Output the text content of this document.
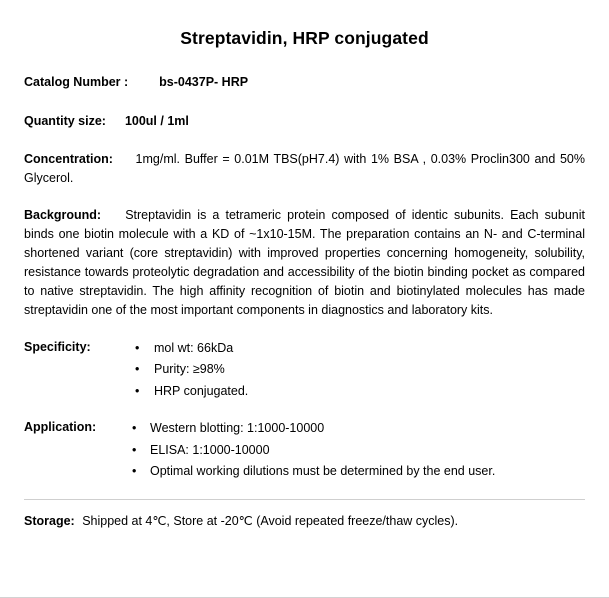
Streptavidin, HRP conjugated
Catalog Number : bs-0437P- HRP
Quantity size: 100ul / 1ml
Concentration: 1mg/ml. Buffer = 0.01M TBS(pH7.4) with 1% BSA , 0.03% Proclin300 and 50% Glycerol.
Background: Streptavidin is a tetrameric protein composed of identic subunits. Each subunit binds one biotin molecule with a KD of ~1x10-15M. The preparation contains an N- and C-terminal shortened variant (core streptavidin) with improved properties concerning homogeneity, solubility, resistance towards proteolytic degradation and accessibility of the biotin binding pocket as compared to native streptavidin. The high affinity recognition of biotin and biotinylated molecules has made streptavidin one of the most important components in diagnostics and laboratory kits.
Specificity:	• mol wt: 66kDa
• Purity: ≥98%
• HRP conjugated.
Application:	• Western blotting: 1:1000-10000
• ELISA: 1:1000-10000
• Optimal working dilutions must be determined by the end user.
Storage: Shipped at 4℃, Store at -20℃ (Avoid repeated freeze/thaw cycles).
